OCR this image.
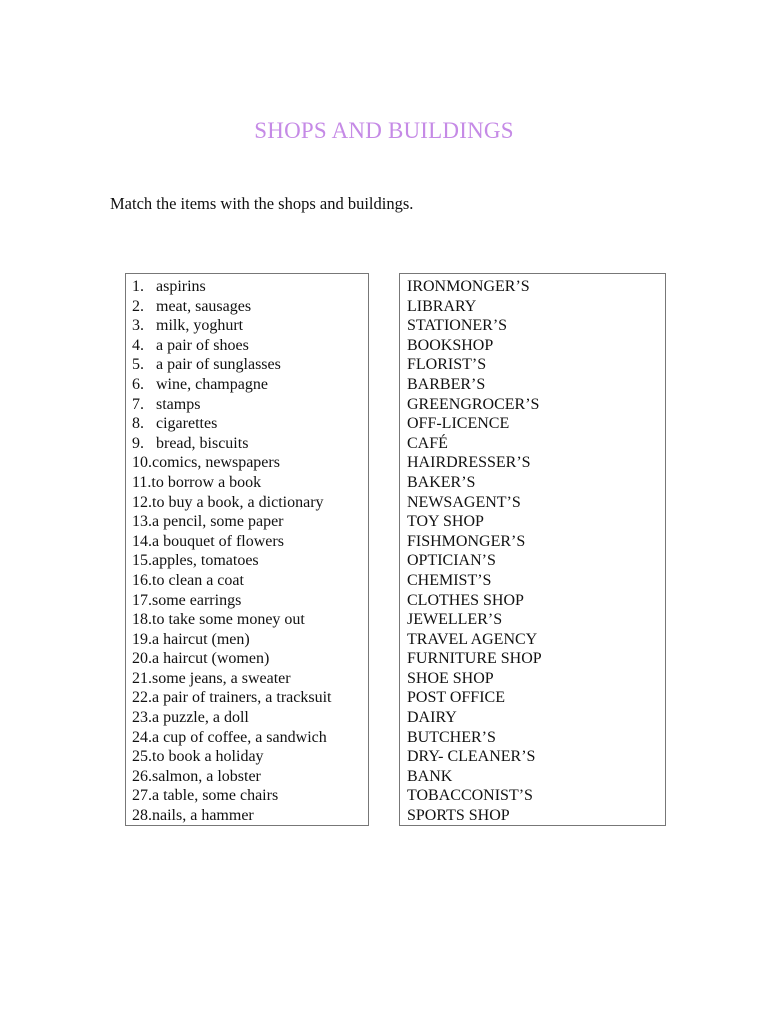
SHOPS AND BUILDINGS
Match the items with the shops and buildings.
1. aspirins
2. meat, sausages
3. milk, yoghurt
4. a pair of shoes
5. a pair of sunglasses
6. wine, champagne
7. stamps
8. cigarettes
9. bread, biscuits
10. comics, newspapers
11. to borrow a book
12. to buy a book, a dictionary
13. a pencil, some paper
14. a bouquet of flowers
15. apples, tomatoes
16. to clean a coat
17. some earrings
18. to take some money out
19. a haircut (men)
20. a haircut (women)
21. some jeans, a sweater
22. a pair of trainers, a tracksuit
23. a puzzle, a doll
24. a cup of coffee, a sandwich
25. to book a holiday
26. salmon, a lobster
27. a table, some chairs
28. nails, a hammer
IRONMONGER’S
LIBRARY
STATIONER’S
BOOKSHOP
FLORIST’S
BARBER’S
GREENGROCER’S
OFF-LICENCE
CAFÉ
HAIRDRESSER’S
BAKER’S
NEWSAGENT’S
TOY SHOP
FISHMONGER’S
OPTICIAN’S
CHEMIST’S
CLOTHES SHOP
JEWELLER’S
TRAVEL AGENCY
FURNITURE SHOP
SHOE SHOP
POST OFFICE
DAIRY
BUTCHER’S
DRY- CLEANER’S
BANK
TOBACCONIST’S
SPORTS SHOP
